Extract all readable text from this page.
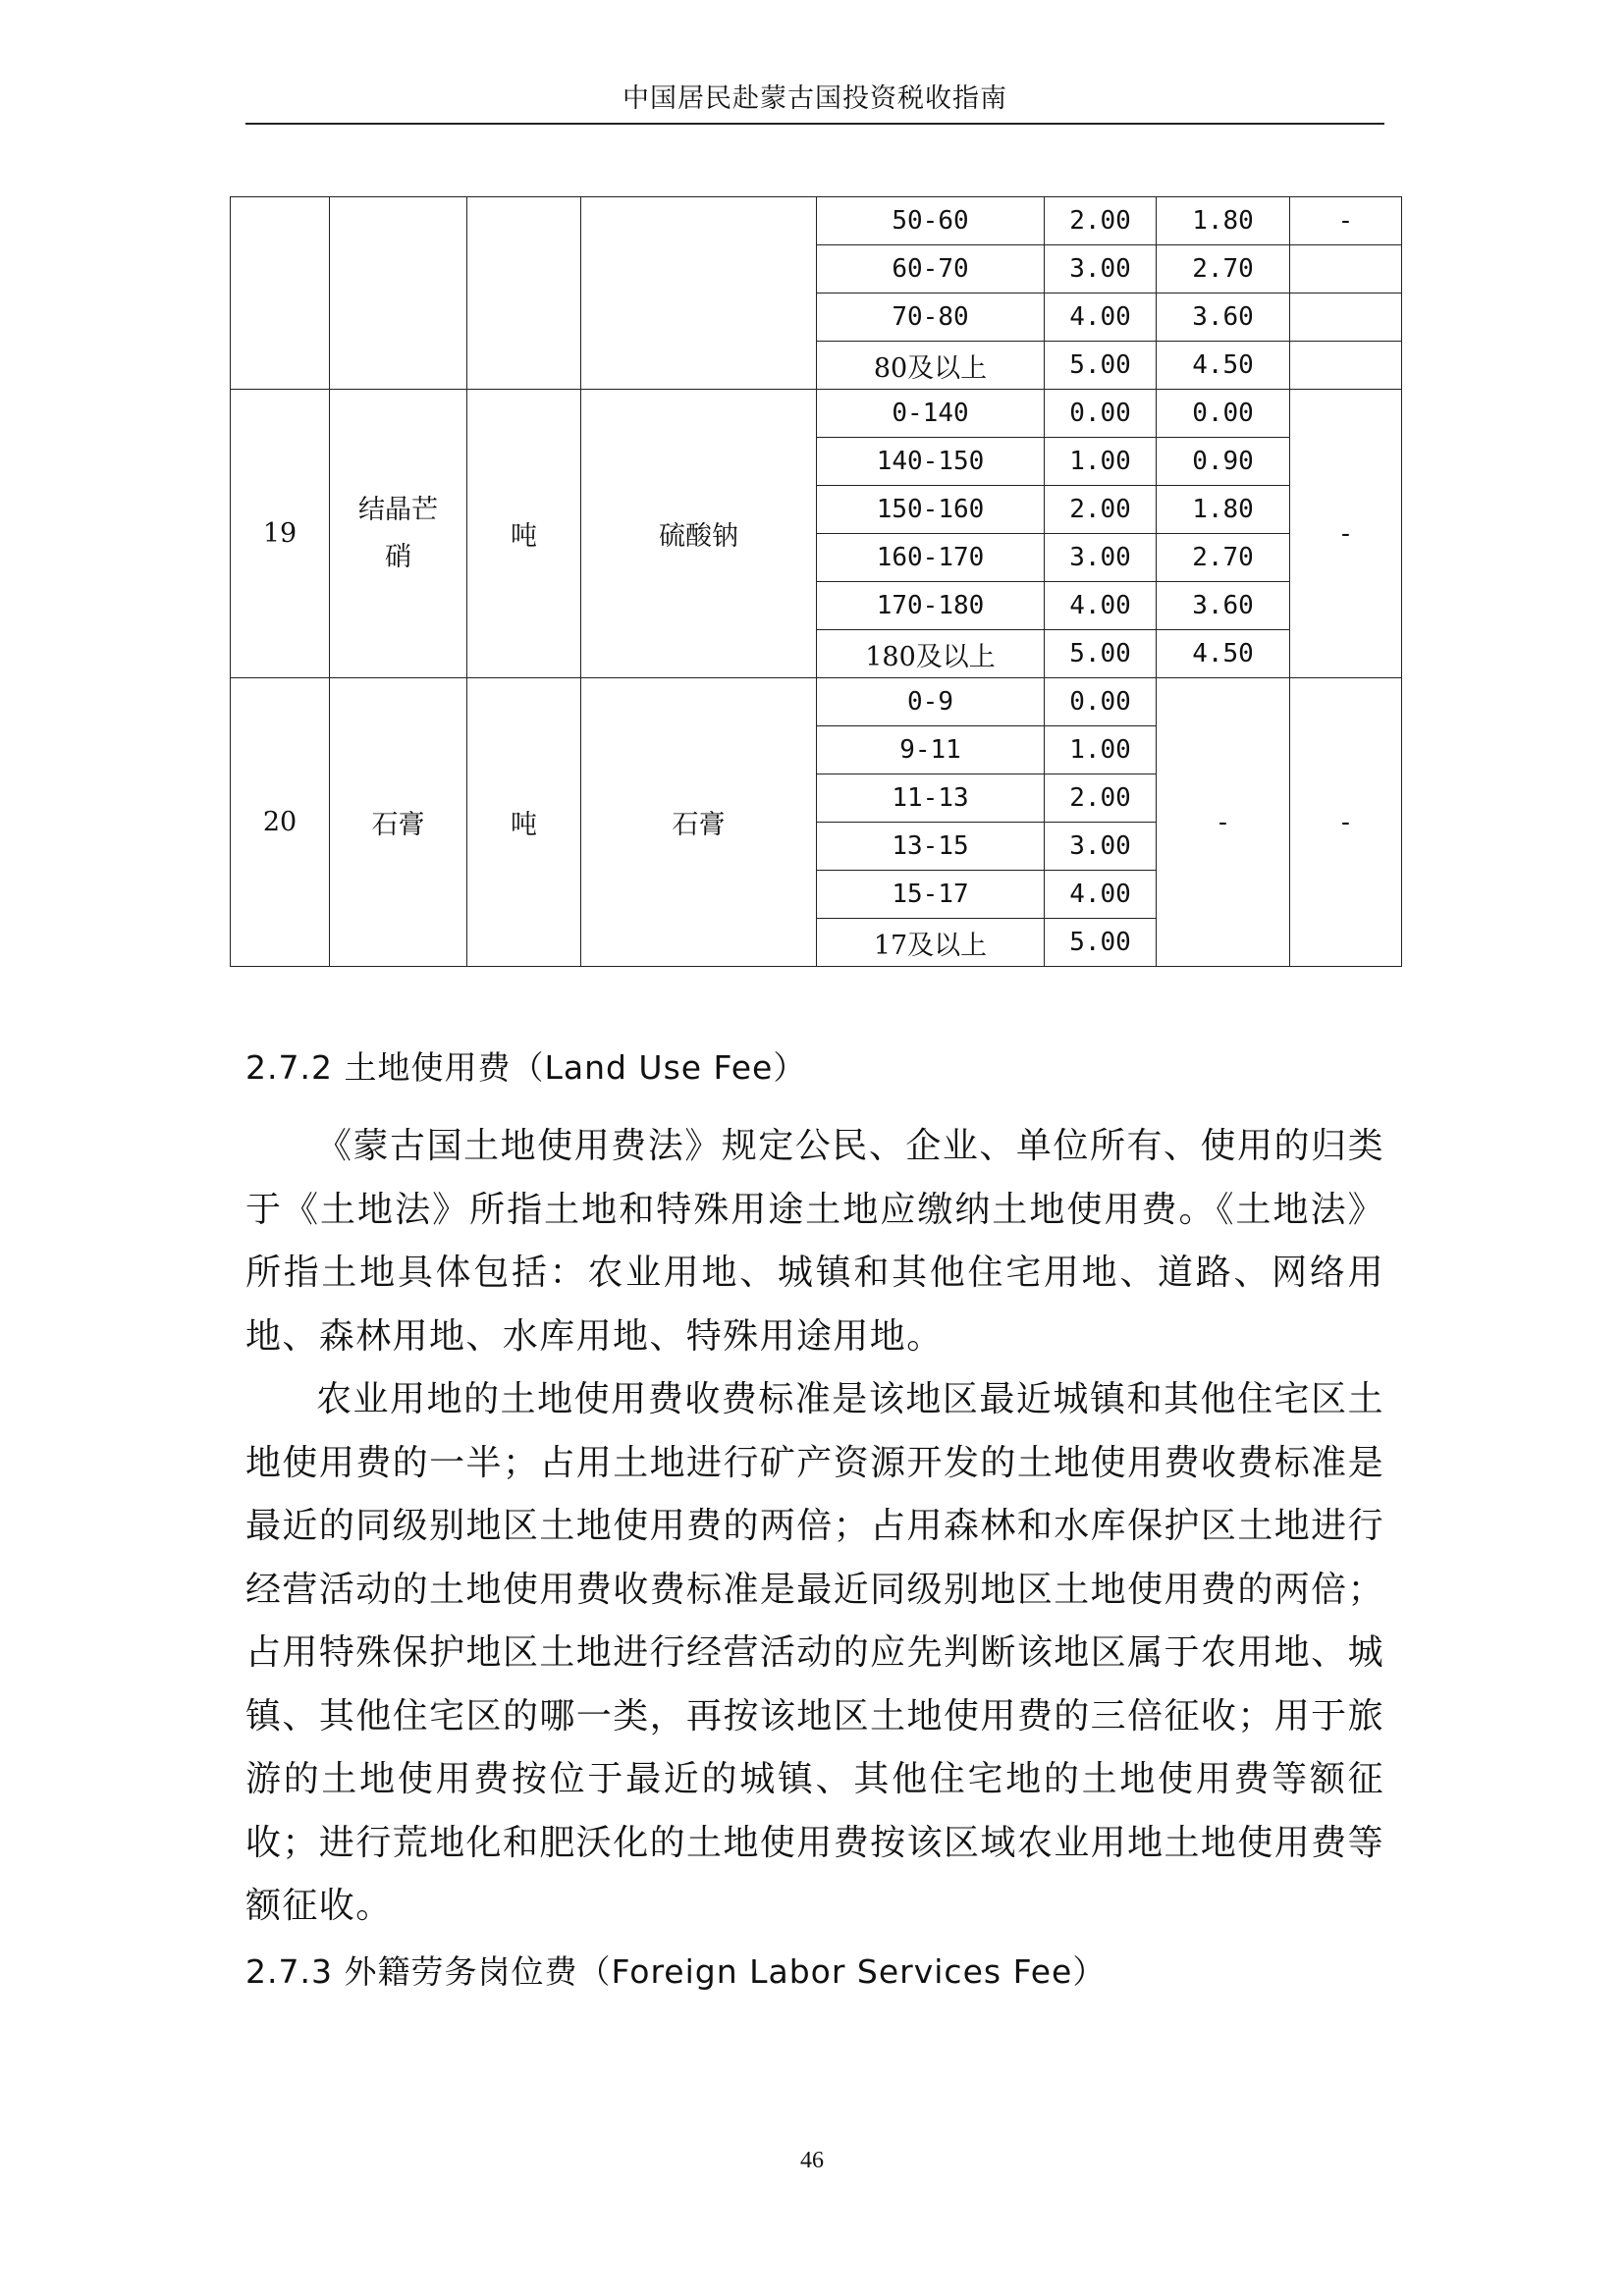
中国居民赴蒙古国投资税收指南
				50-60	2.00	1.80	-
				60-70	3.00	2.70	
				70-80	4.00	3.60	
				80及以上	5.00	4.50	
19	结晶芒硝	吨	硫酸钠	0-140	0.00	0.00	-
				140-150	1.00	0.90	
				150-160	2.00	1.80	
				160-170	3.00	2.70	
				170-180	4.00	3.60	
				180及以上	5.00	4.50	
20	石膏	吨	石膏	0-9	0.00	-	-
				9-11	1.00		
				11-13	2.00		
				13-15	3.00		
				15-17	4.00		
				17及以上	5.00		
2.7.2 土地使用费（Land Use Fee）

《蒙古国土地使用费法》规定公民、企业、单位所有、使用的归类于《土地法》所指土地和特殊用途土地应缴纳土地使用费。《土地法》所指土地具体包括：农业用地、城镇和其他住宅用地、道路、网络用地、森林用地、水库用地、特殊用途用地。

农业用地的土地使用费收费标准是该地区最近城镇和其他住宅区土地使用费的一半；占用土地进行矿产资源开发的土地使用费收费标准是最近的同级别地区土地使用费的两倍；占用森林和水库保护区土地进行经营活动的土地使用费收费标准是最近同级别地区土地使用费的两倍；占用特殊保护地区土地进行经营活动的应先判断该地区属于农用地、城镇、其他住宅区的哪一类，再按该地区土地使用费的三倍征收；用于旅游的土地使用费按位于最近的城镇、其他住宅地的土地使用费等额征收；进行荒地化和肥沃化的土地使用费按该区域农业用地土地使用费等额征收。

2.7.3 外籍劳务岗位费（Foreign Labor Services Fee）
46
